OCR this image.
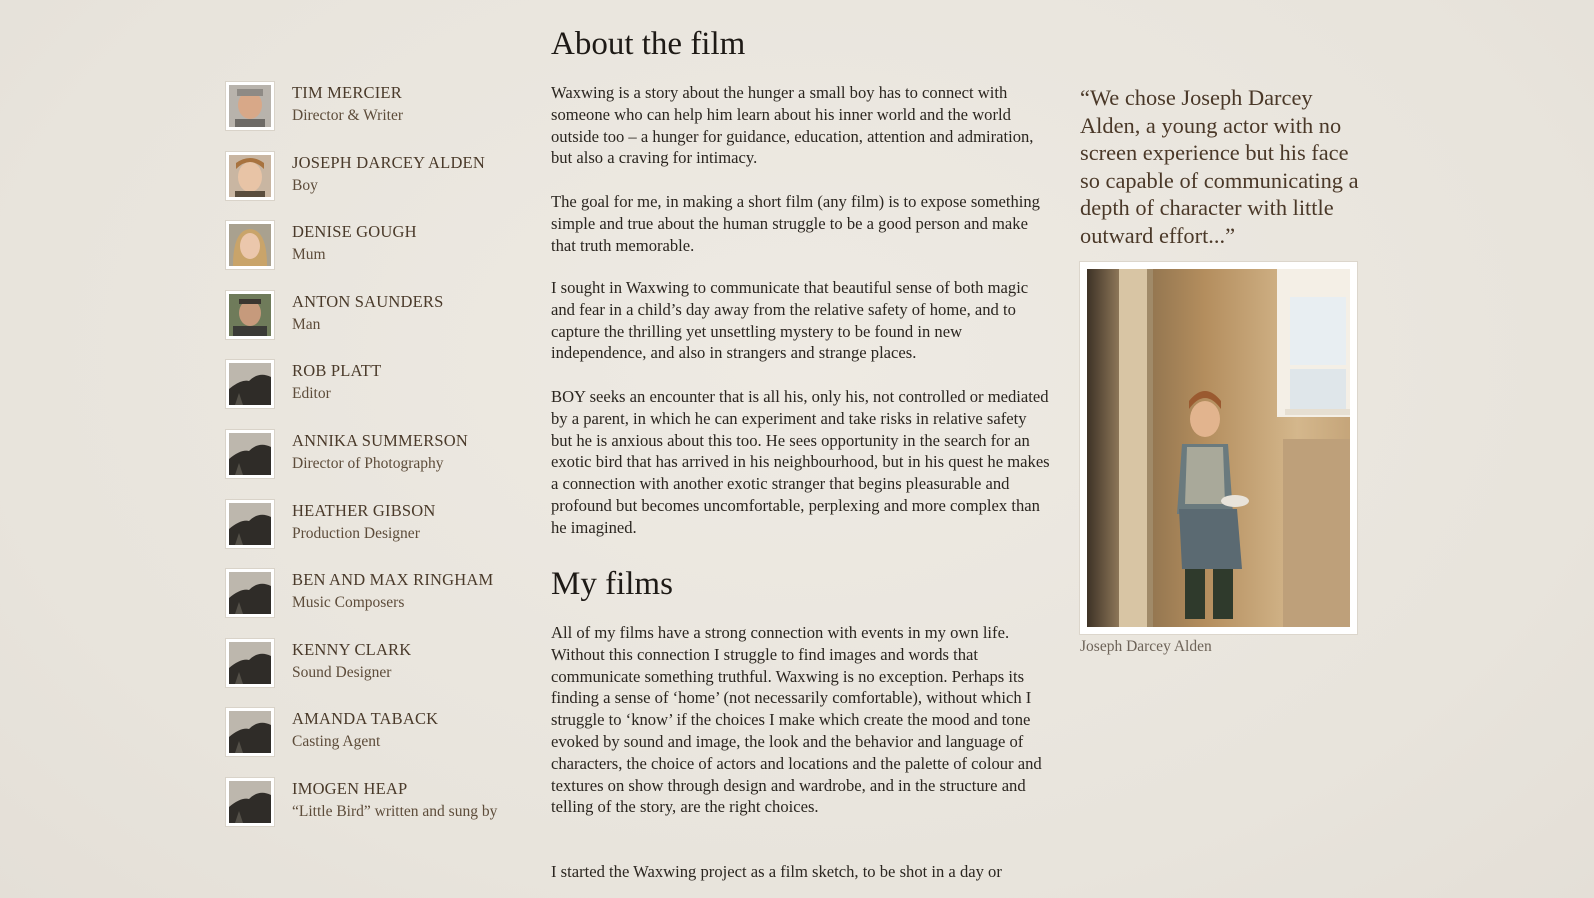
TIM MERCIER
Director & Writer
JOSEPH DARCEY ALDEN
Boy
DENISE GOUGH
Mum
ANTON SAUNDERS
Man
ROB PLATT
Editor
ANNIKA SUMMERSON
Director of Photography
HEATHER GIBSON
Production Designer
BEN AND MAX RINGHAM
Music Composers
KENNY CLARK
Sound Designer
AMANDA TABACK
Casting Agent
IMOGEN HEAP
“Little Bird” written and sung by
About the film

Waxwing is a story about the hunger a small boy has to connect with someone who can help him learn about his inner world and the world outside too – a hunger for guidance, education, attention and admiration, but also a craving for intimacy.

The goal for me, in making a short film (any film) is to expose something simple and true about the human struggle to be a good person and make that truth memorable.

I sought in Waxwing to communicate that beautiful sense of both magic and fear in a child’s day away from the relative safety of home, and to capture the thrilling yet unsettling mystery to be found in new independence, and also in strangers and strange places.

BOY seeks an encounter that is all his, only his, not controlled or mediated by a parent, in which he can experiment and take risks in relative safety but he is anxious about this too. He sees opportunity in the search for an exotic bird that has arrived in his neighbourhood, but in his quest he makes a connection with another exotic stranger that begins pleasurable and profound but becomes uncomfortable, perplexing and more complex than he imagined.

My films

All of my films have a strong connection with events in my own life. Without this connection I struggle to find images and words that communicate something truthful. Waxwing is no exception. Perhaps its finding a sense of ‘home’ (not necessarily comfortable), without which I struggle to ‘know’ if the choices I make which create the mood and tone evoked by sound and image, the look and the behavior and language of characters, the choice of actors and locations and the palette of colour and textures on show through design and wardrobe, and in the structure and telling of the story, are the right choices.

I started the Waxwing project as a film sketch, to be shot in a day or

“We chose Joseph Darcey Alden, a young actor with no screen experience but his face so capable of communicating a depth of character with little outward effort...”
Joseph Darcey Alden
